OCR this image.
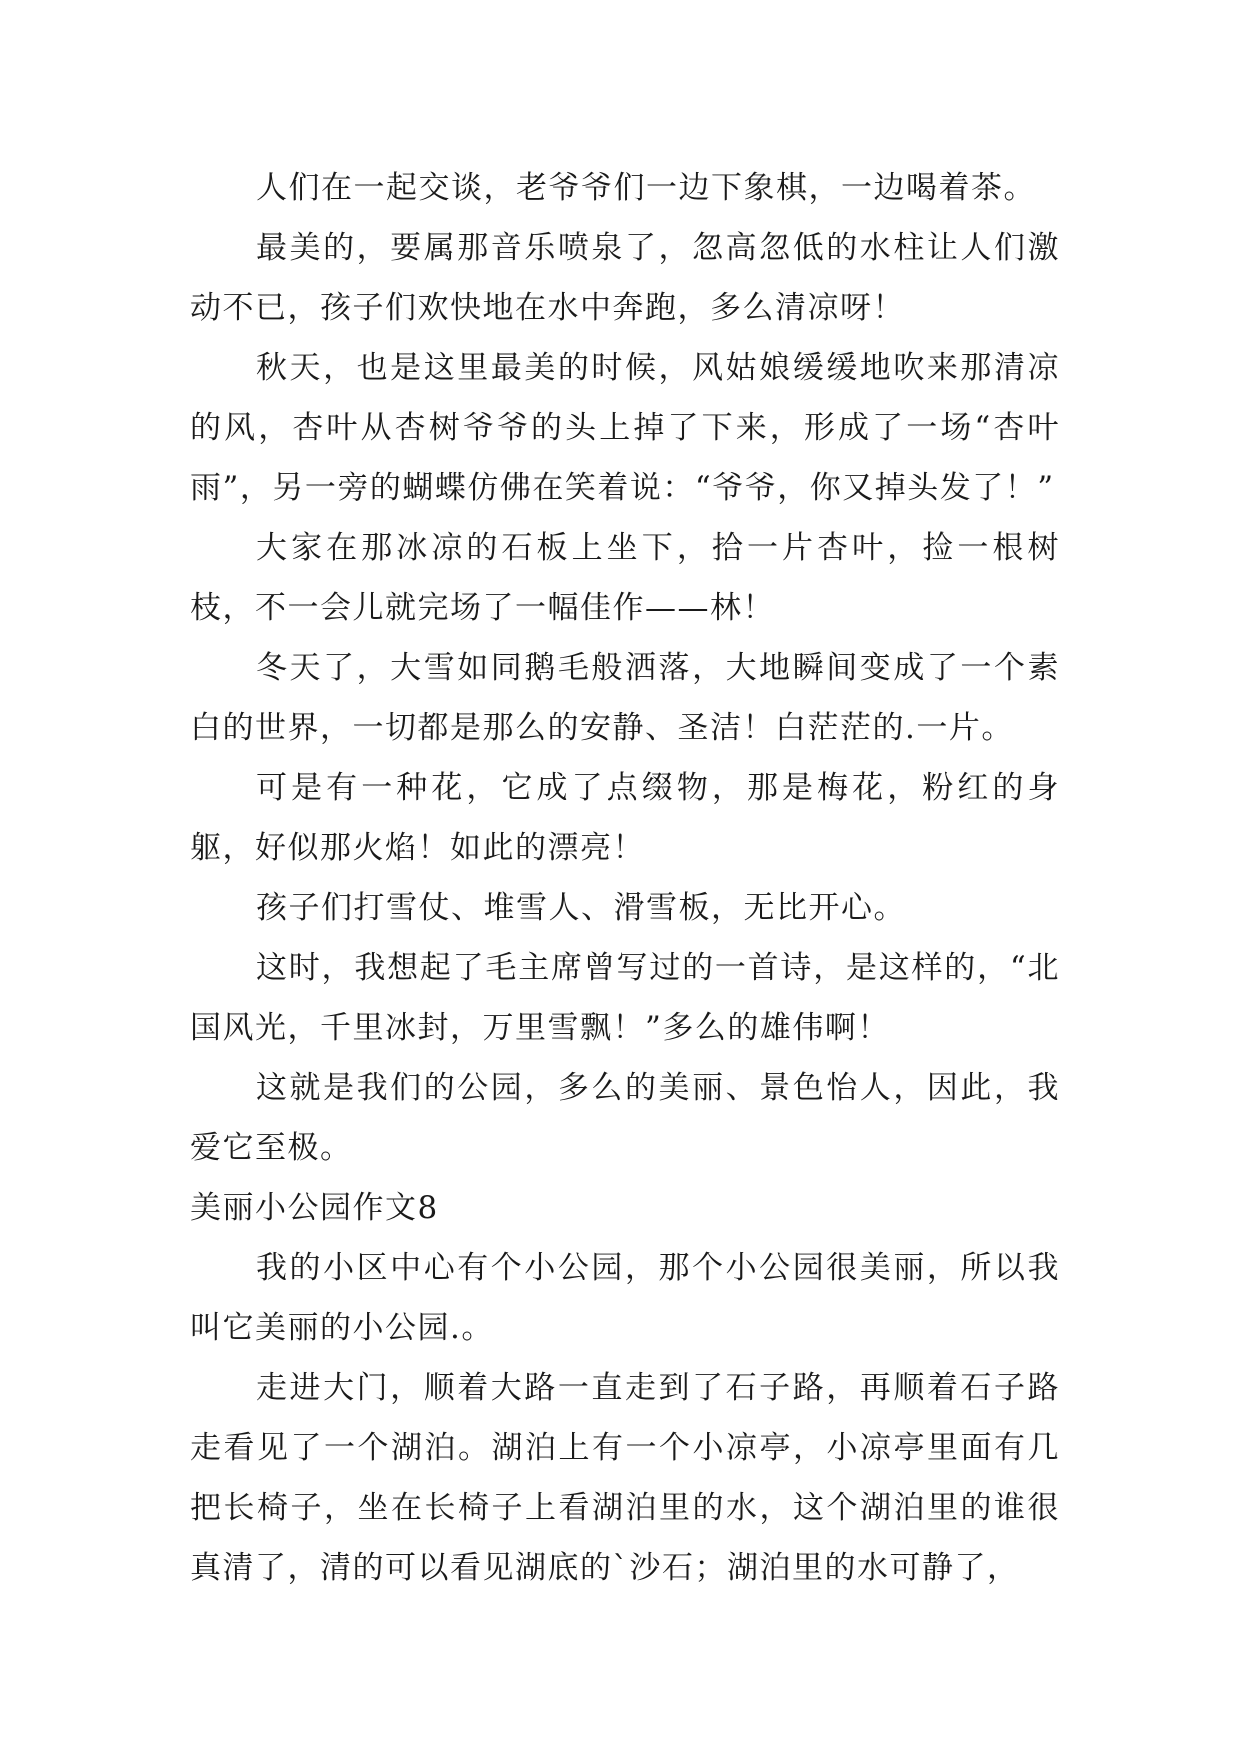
人们在一起交谈，老爷爷们一边下象棋，一边喝着茶。

最美的，要属那音乐喷泉了，忽高忽低的水柱让人们激动不已，孩子们欢快地在水中奔跑，多么清凉呀！

秋天，也是这里最美的时候，风姑娘缓缓地吹来那清凉的风，杏叶从杏树爷爷的头上掉了下来，形成了一场“杏叶雨”，另一旁的蝴蝶仿佛在笑着说：“爷爷，你又掉头发了！”

大家在那冰凉的石板上坐下，拾一片杏叶，捡一根树枝，不一会儿就完场了一幅佳作——林！

冬天了，大雪如同鹅毛般洒落，大地瞬间变成了一个素白的世界，一切都是那么的安静、圣洁！白茫茫的.一片。

可是有一种花，它成了点缀物，那是梅花，粉红的身躯，好似那火焰！如此的漂亮！

孩子们打雪仗、堆雪人、滑雪板，无比开心。

这时，我想起了毛主席曾写过的一首诗，是这样的，“北国风光，千里冰封，万里雪飘！”多么的雄伟啊！

这就是我们的公园，多么的美丽、景色怡人，因此，我爱它至极。

美丽小公园作文8

我的小区中心有个小公园，那个小公园很美丽，所以我叫它美丽的小公园.。

走进大门，顺着大路一直走到了石子路，再顺着石子路走看见了一个湖泊。湖泊上有一个小凉亭，小凉亭里面有几把长椅子，坐在长椅子上看湖泊里的水，这个湖泊里的谁很真清了，清的可以看见湖底的`沙石；湖泊里的水可静了，
